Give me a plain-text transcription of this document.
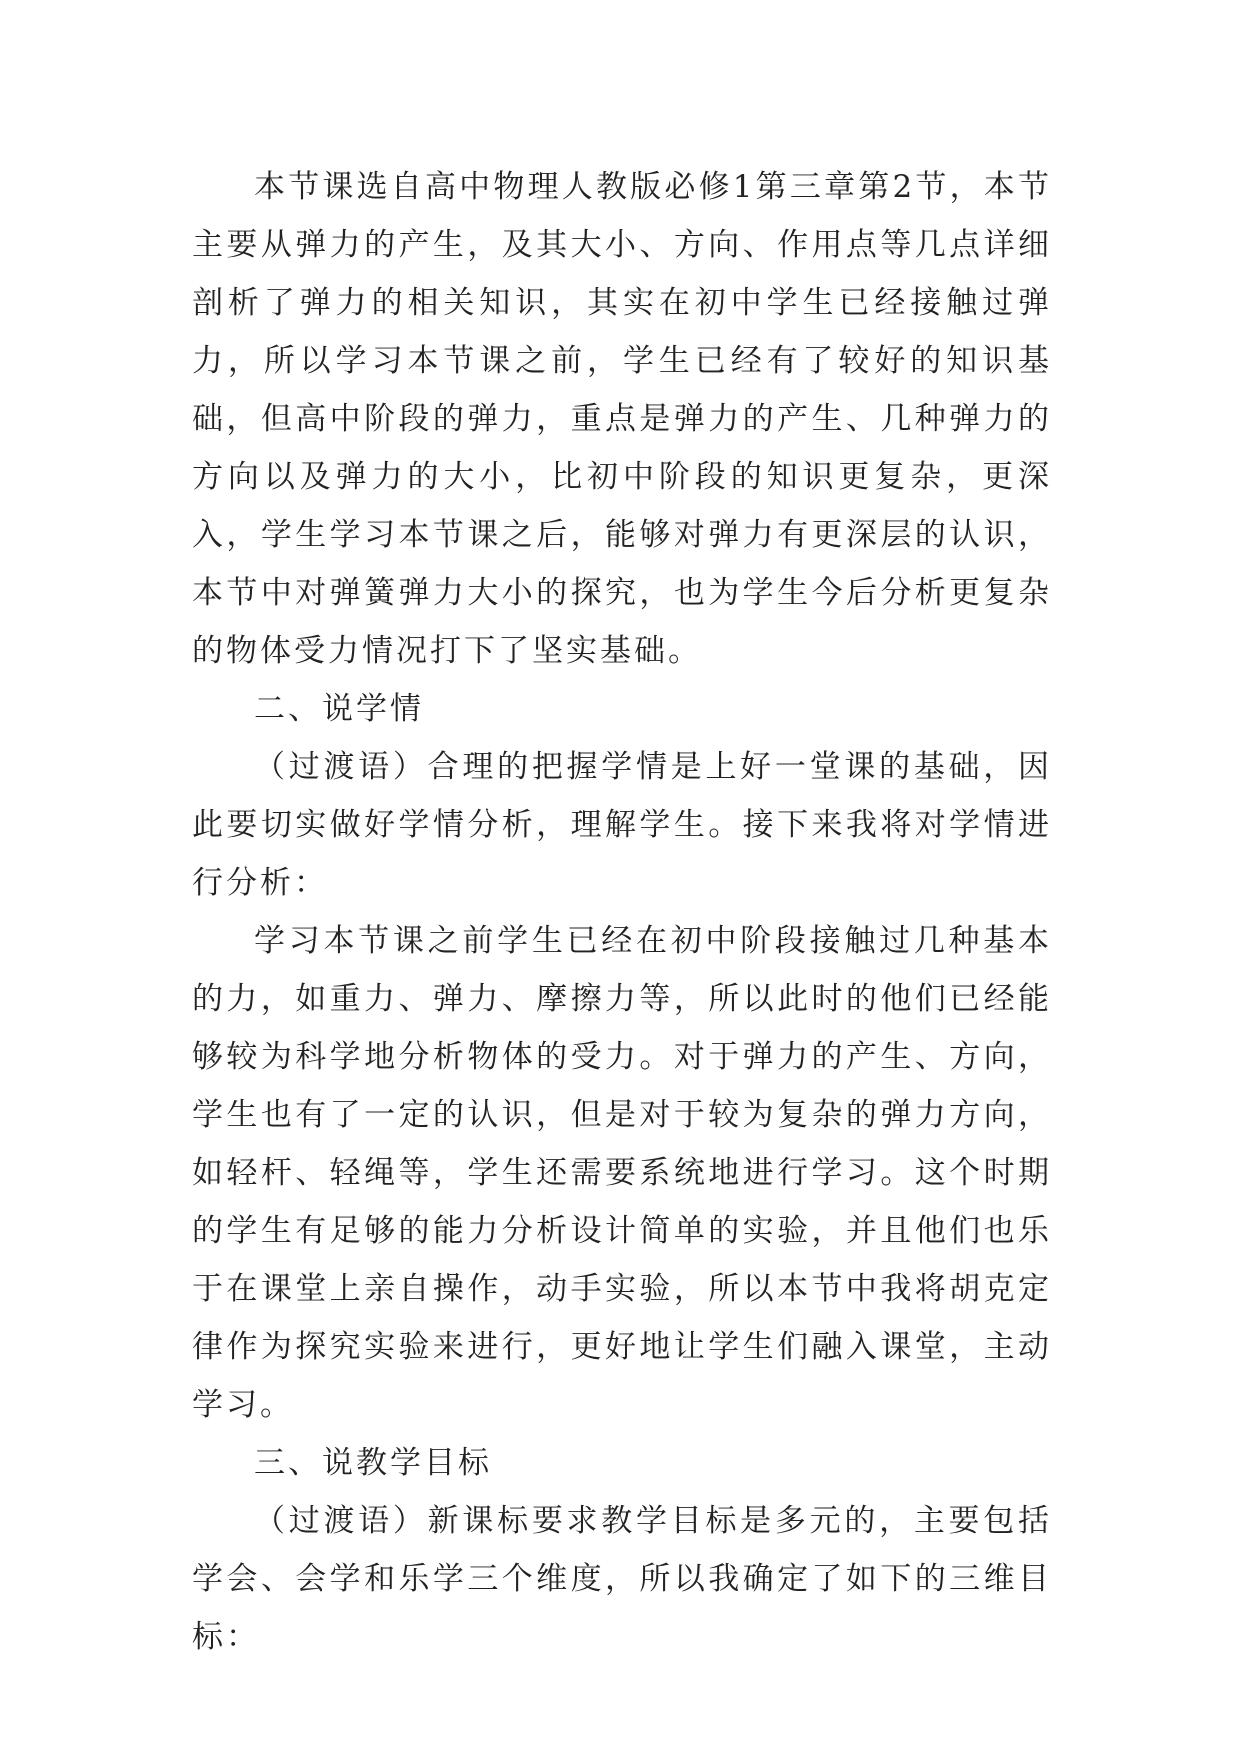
本节课选自高中物理人教版必修1第三章第2节，本节主要从弹力的产生，及其大小、方向、作用点等几点详细剖析了弹力的相关知识，其实在初中学生已经接触过弹力，所以学习本节课之前，学生已经有了较好的知识基础，但高中阶段的弹力，重点是弹力的产生、几种弹力的方向以及弹力的大小，比初中阶段的知识更复杂，更深入，学生学习本节课之后，能够对弹力有更深层的认识，本节中对弹簧弹力大小的探究，也为学生今后分析更复杂的物体受力情况打下了坚实基础。

二、说学情

（过渡语）合理的把握学情是上好一堂课的基础，因此要切实做好学情分析，理解学生。接下来我将对学情进行分析：

学习本节课之前学生已经在初中阶段接触过几种基本的力，如重力、弹力、摩擦力等，所以此时的他们已经能够较为科学地分析物体的受力。对于弹力的产生、方向，学生也有了一定的认识，但是对于较为复杂的弹力方向，如轻杆、轻绳等，学生还需要系统地进行学习。这个时期的学生有足够的能力分析设计简单的实验，并且他们也乐于在课堂上亲自操作，动手实验，所以本节中我将胡克定律作为探究实验来进行，更好地让学生们融入课堂，主动学习。

三、说教学目标

（过渡语）新课标要求教学目标是多元的，主要包括学会、会学和乐学三个维度，所以我确定了如下的三维目标：
